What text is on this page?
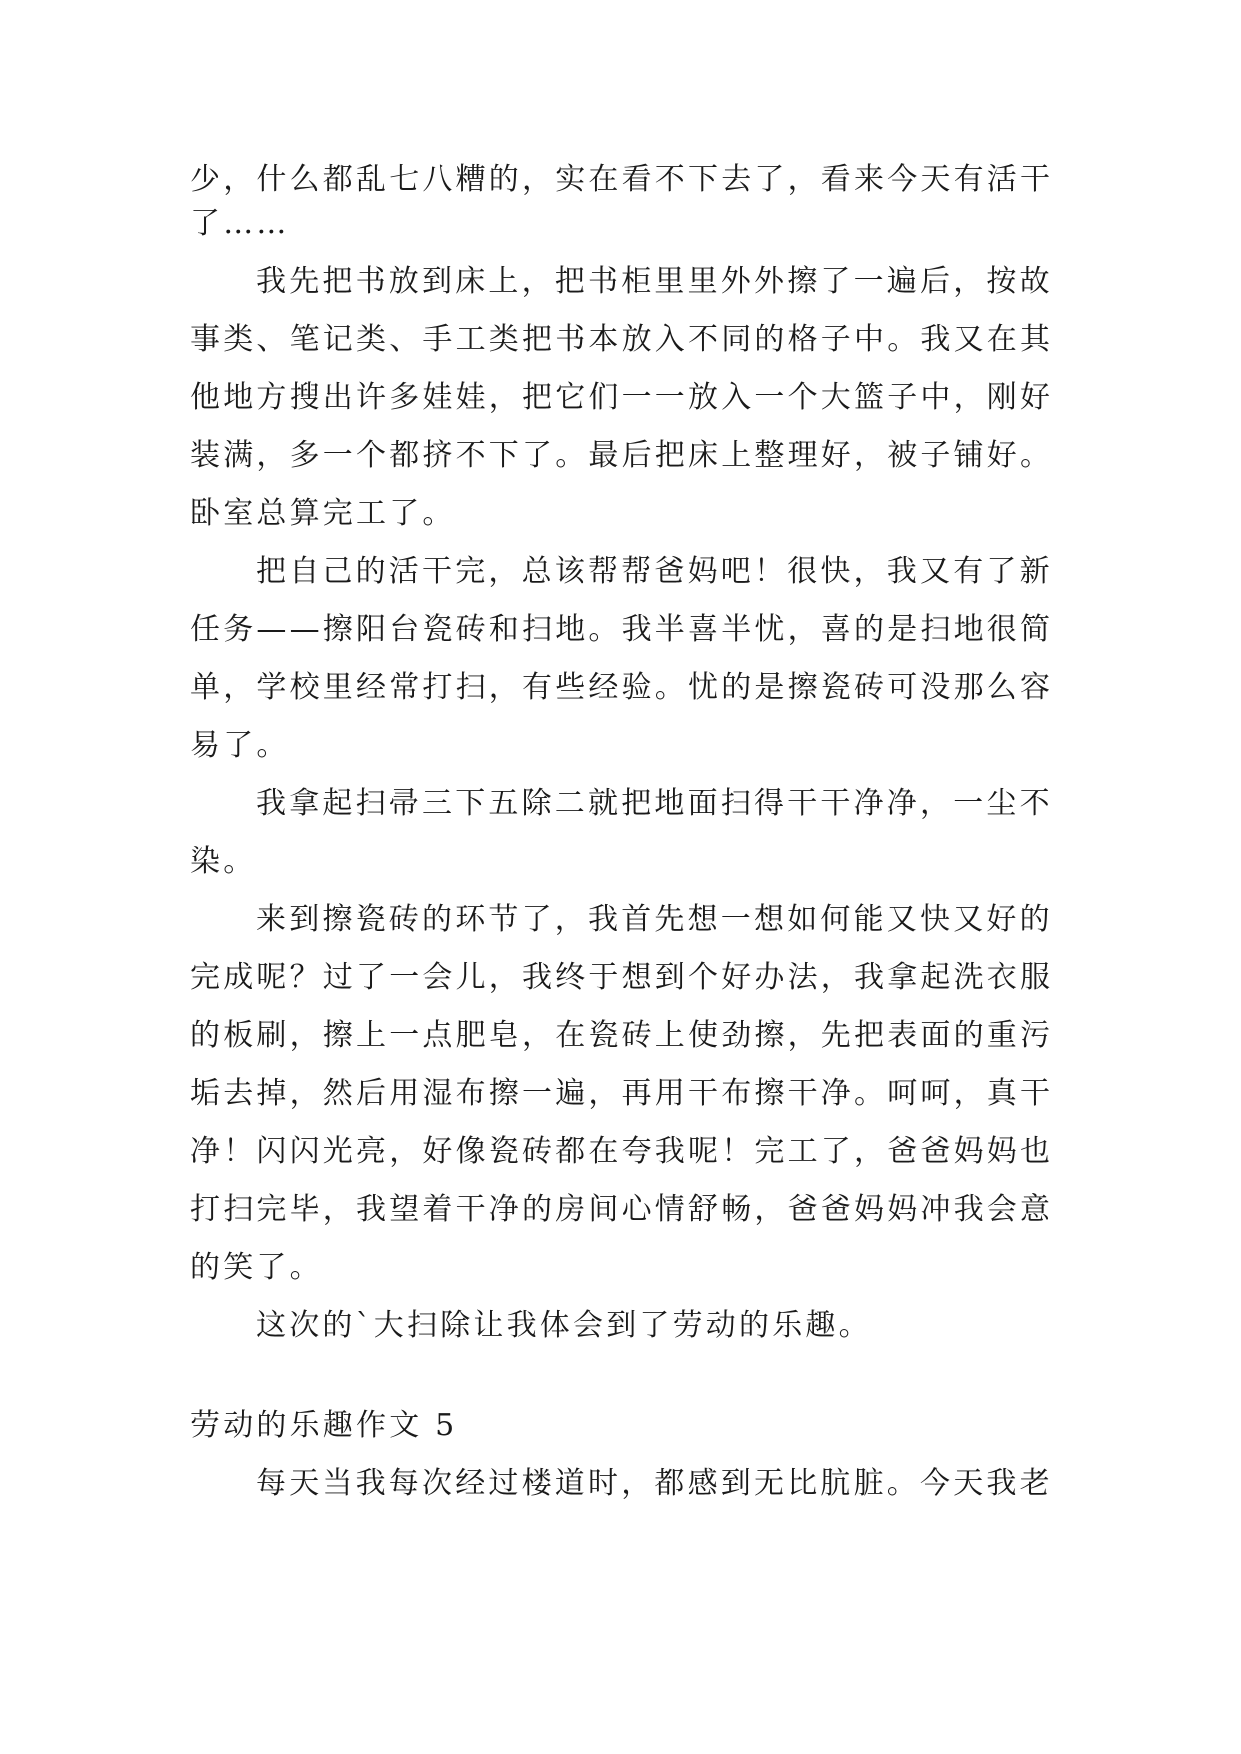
少，什么都乱七八糟的，实在看不下去了，看来今天有活干
了……
我先把书放到床上，把书柜里里外外擦了一遍后，按故
事类、笔记类、手工类把书本放入不同的格子中。我又在其
他地方搜出许多娃娃，把它们一一放入一个大篮子中，刚好
装满，多一个都挤不下了。最后把床上整理好，被子铺好。
卧室总算完工了。
把自己的活干完，总该帮帮爸妈吧！很快，我又有了新
任务——擦阳台瓷砖和扫地。我半喜半忧，喜的是扫地很简
单，学校里经常打扫，有些经验。忧的是擦瓷砖可没那么容
易了。
我拿起扫帚三下五除二就把地面扫得干干净净，一尘不
染。
来到擦瓷砖的环节了，我首先想一想如何能又快又好的
完成呢？过了一会儿，我终于想到个好办法，我拿起洗衣服
的板刷，擦上一点肥皂，在瓷砖上使劲擦，先把表面的重污
垢去掉，然后用湿布擦一遍，再用干布擦干净。呵呵，真干
净！闪闪光亮，好像瓷砖都在夸我呢！完工了，爸爸妈妈也
打扫完毕，我望着干净的房间心情舒畅，爸爸妈妈冲我会意
的笑了。
这次的`大扫除让我体会到了劳动的乐趣。
劳动的乐趣作文 5
每天当我每次经过楼道时，都感到无比肮脏。今天我老
